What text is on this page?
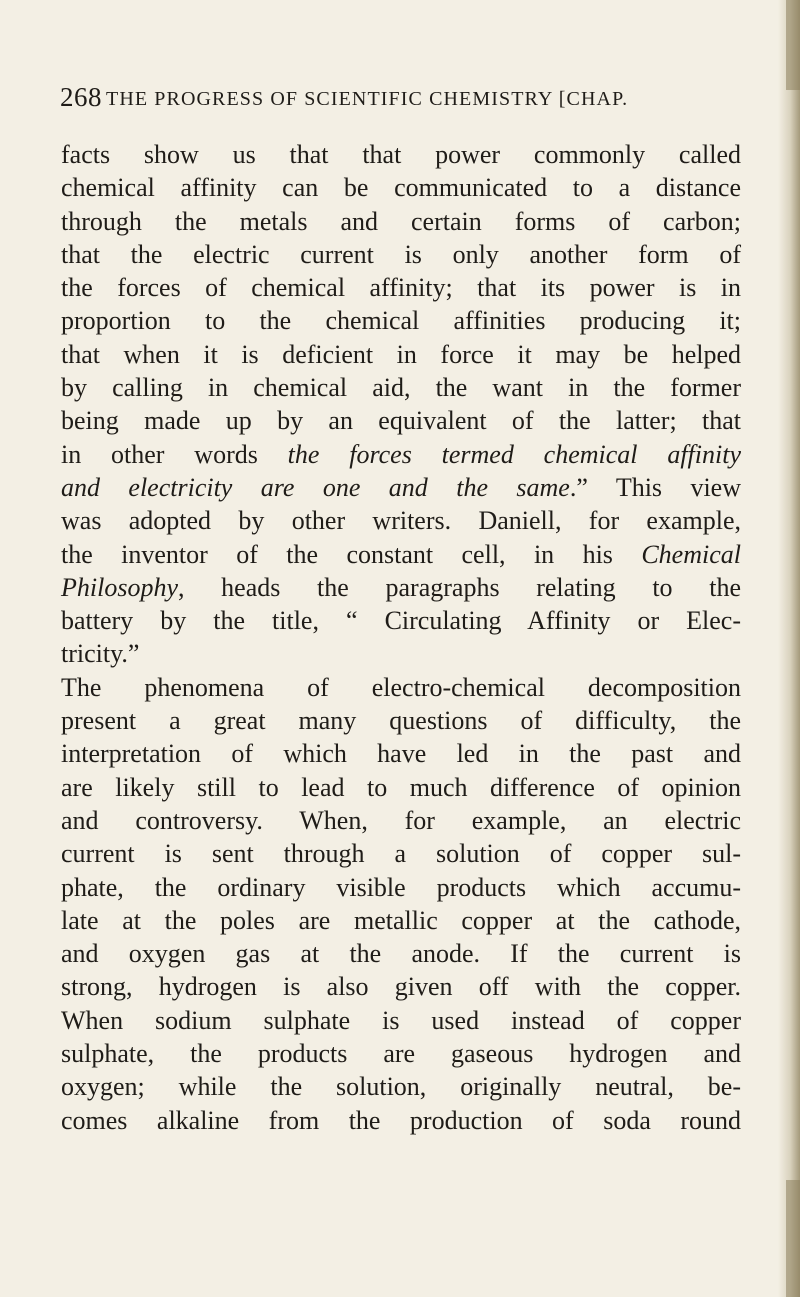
268 THE PROGRESS OF SCIENTIFIC CHEMISTRY [CHAP.
facts show us that that power commonly called
chemical affinity can be communicated to a distance
through the metals and certain forms of carbon;
that the electric current is only another form of
the forces of chemical affinity; that its power is in
proportion to the chemical affinities producing it;
that when it is deficient in force it may be helped
by calling in chemical aid, the want in the former
being made up by an equivalent of the latter; that
in other words the forces termed chemical affinity
and electricity are one and the same.” This view
was adopted by other writers. Daniell, for example,
the inventor of the constant cell, in his Chemical
Philosophy, heads the paragraphs relating to the
battery by the title, “ Circulating Affinity or Elec-
tricity.”
The phenomena of electro-chemical decomposition
present a great many questions of difficulty, the
interpretation of which have led in the past and
are likely still to lead to much difference of opinion
and controversy. When, for example, an electric
current is sent through a solution of copper sul-
phate, the ordinary visible products which accumu-
late at the poles are metallic copper at the cathode,
and oxygen gas at the anode. If the current is
strong, hydrogen is also given off with the copper.
When sodium sulphate is used instead of copper
sulphate, the products are gaseous hydrogen and
oxygen; while the solution, originally neutral, be-
comes alkaline from the production of soda round
